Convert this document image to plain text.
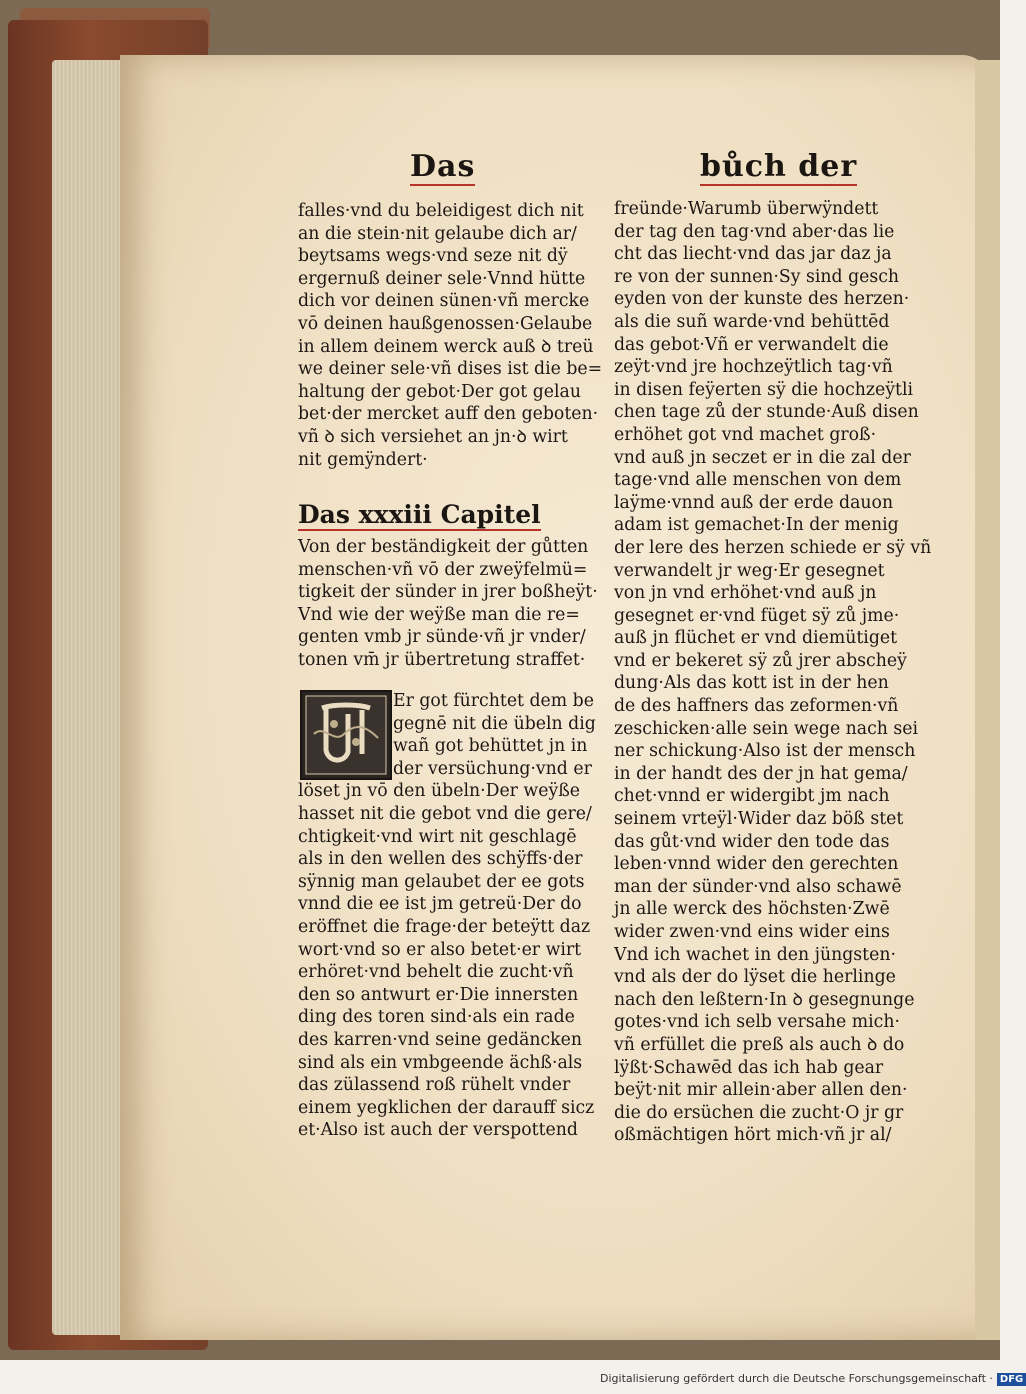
Das	bůch der
falles·vnd du beleidigest dich nit
an die stein·nit gelaube dich ar/
beytsams wegs·vnd seze nit dÿ
ergernuß deiner sele·Vnnd hütte
dich vor deinen sünen·vñ mercke
vō deinen haußgenossen·Gelaube
in allem deinem werck auß ꝺ treü
we deiner sele·vñ dises ist die be=
haltung der gebot·Der got gelau
bet·der mercket auff den geboten·
vñ ꝺ sich versiehet an jn·ꝺ wirt
nit gemÿndert·
Das xxxiii Capitel
Von der beständigkeit der gůtten
menschen·vñ vō der zweÿfelmü=
tigkeit der sünder in jrer boßheÿt·
Vnd wie der weÿße man die re=
genten vmb jr sünde·vñ jr vnder/
tonen vm̄ jr übertretung straffet·
Er got fürchtet dem be
gegnē nit die übeln dig
wañ got behüttet jn in
der versüchung·vnd er
löset jn vō den übeln·Der weÿße
hasset nit die gebot vnd die gere/
chtigkeit·vnd wirt nit geschlagē
als in den wellen des schÿffs·der
sÿnnig man gelaubet der ee gots
vnnd die ee ist jm getreü·Der do
eröffnet die frage·der beteÿtt daz
wort·vnd so er also betet·er wirt
erhöret·vnd behelt die zucht·vñ
den so antwurt er·Die innersten
ding des toren sind·als ein rade
des karren·vnd seine gedäncken
sind als ein vmbgeende ächß·als
das zülassend roß rühelt vnder
einem yegklichen der darauff sicz
et·Also ist auch der verspottend
freünde·Warumb überwÿndett
der tag den tag·vnd aber·das lie
cht das liecht·vnd das jar daz ja
re von der sunnen·Sy sind gesch
eyden von der kunste des herzen·
als die suñ warde·vnd behüttēd
das gebot·Vñ er verwandelt die
zeÿt·vnd jre hochzeÿtlich tag·vñ
in disen feÿerten sÿ die hochzeÿtli
chen tage zů der stunde·Auß disen
erhöhet got vnd machet groß·
vnd auß jn seczet er in die zal der
tage·vnd alle menschen von dem
laÿme·vnnd auß der erde dauon
adam ist gemachet·In der menig
der lere des herzen schiede er sÿ vñ
verwandelt jr weg·Er gesegnet
von jn vnd erhöhet·vnd auß jn
gesegnet er·vnd füget sÿ zů jme·
auß jn flüchet er vnd diemütiget
vnd er bekeret sÿ zů jrer abscheÿ
dung·Als das kott ist in der hen
de des haffners das zeformen·vñ
zeschicken·alle sein wege nach sei
ner schickung·Also ist der mensch
in der handt des der jn hat gema/
chet·vnnd er widergibt jm nach
seinem vrteÿl·Wider daz böß stet
das gůt·vnd wider den tode das
leben·vnnd wider den gerechten
man der sünder·vnd also schawē
jn alle werck des höchsten·Zwē
wider zwen·vnd eins wider eins
Vnd ich wachet in den jüngsten·
vnd als der do lÿset die herlinge
nach den leßtern·In ꝺ gesegnunge
gotes·vnd ich selb versahe mich·
vñ erfüllet die preß als auch ꝺ do
lÿßt·Schawēd das ich hab gear
beÿt·nit mir allein·aber allen den·
die do ersüchen die zucht·O jr gr
oßmächtigen hört mich·vñ jr al/
Digitalisierung gefördert durch die Deutsche Forschungsgemeinschaft · DFG
